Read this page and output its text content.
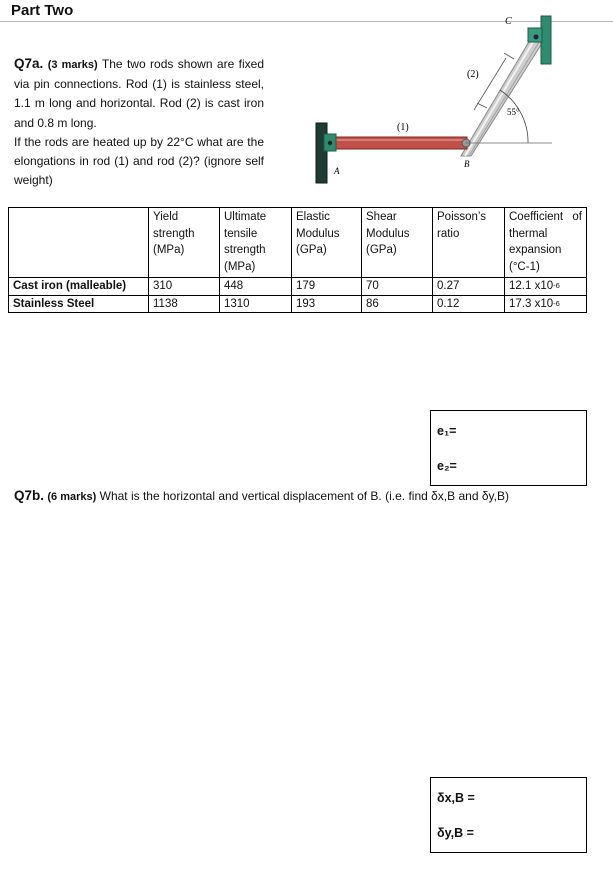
Part Two
Q7a. (3 marks) The two rods shown are fixed via pin connections. Rod (1) is stainless steel, 1.1 m long and horizontal. Rod (2) is cast iron and 0.8 m long.
If the rods are heated up by 22°C what are the elongations in rod (1) and rod (2)? (ignore self weight)
C
(2)
55°
(1)
A
B
	Yield strength (MPa)	Ultimate tensile strength (MPa)	Elastic Modulus (GPa)	Shear Modulus (GPa)	Poisson’s ratio	Coefficient of thermal expansion (°C-1)
Cast iron (malleable)	310	448	179	70	0.27	12.1 $x10^{-6}$
Stainless Steel	1138	1310	193	86	0.12	17.3 $x10^{-6}$
e₁=
e₂=
Q7b. (6 marks) What is the horizontal and vertical displacement of B. (i.e. find δx,B and δy,B)
δx,B =
δy,B =
